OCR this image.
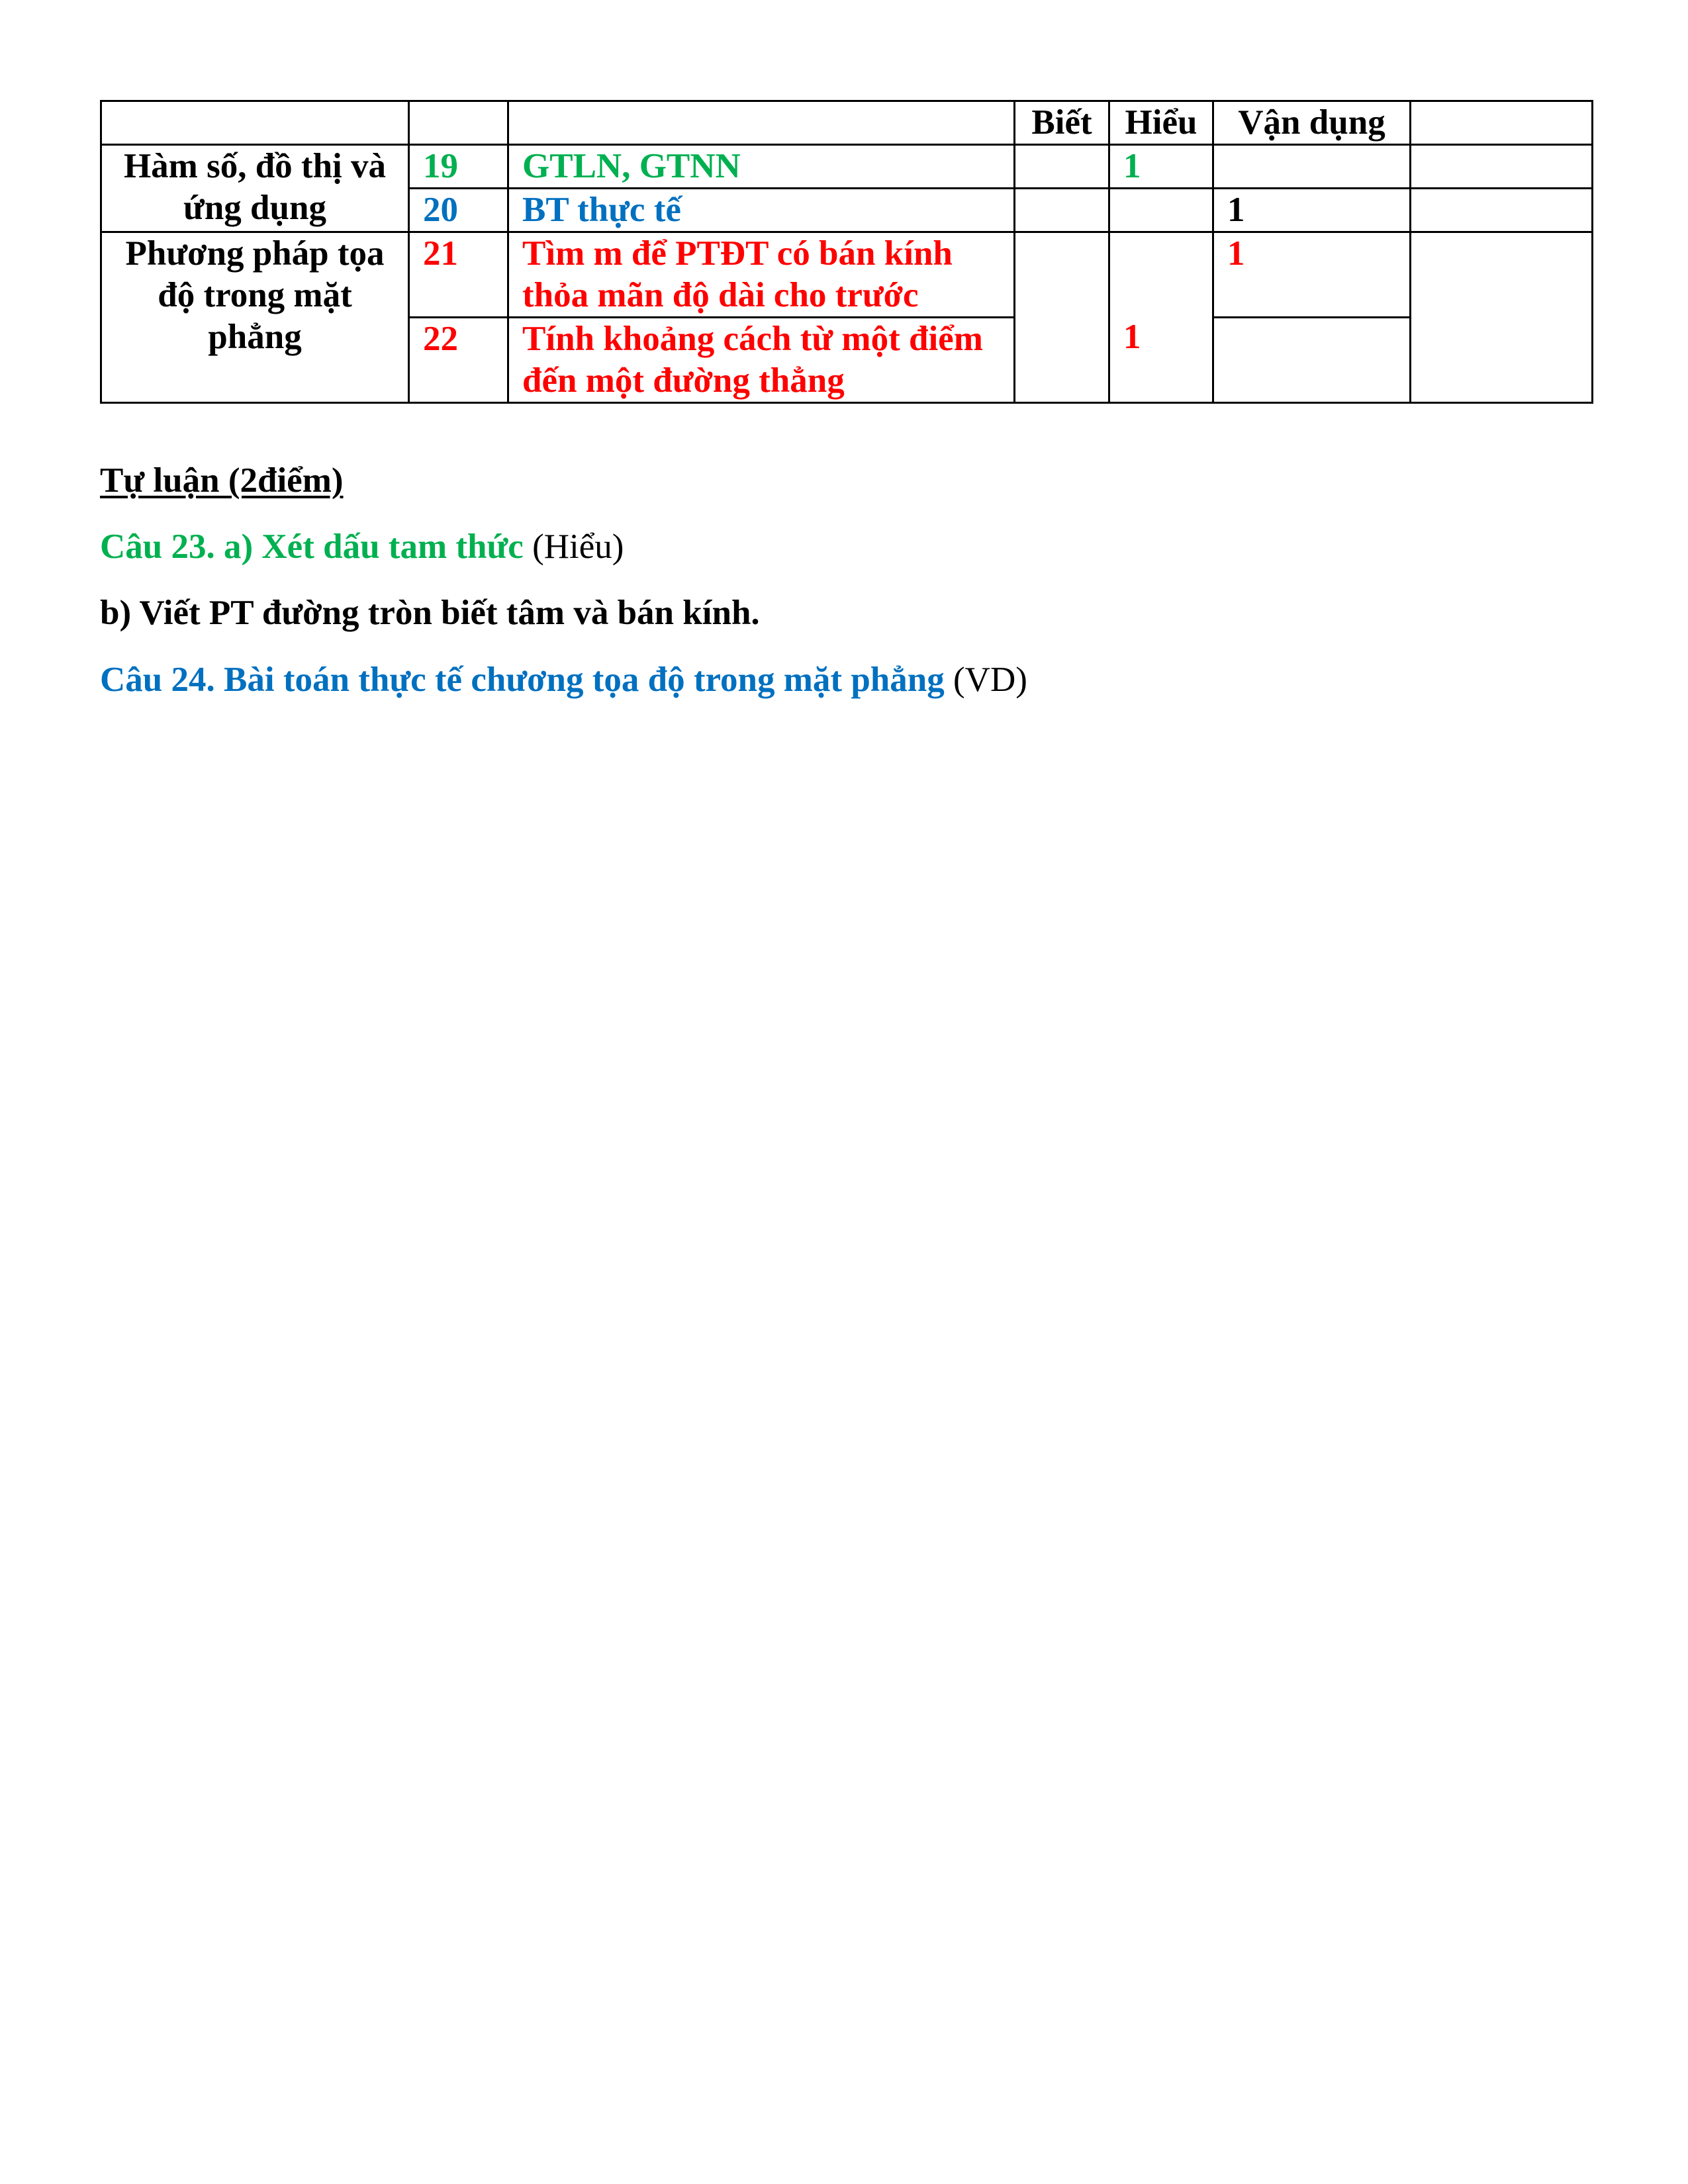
			Biết	Hiểu	Vận dụng	
Hàm số, đồ thị và ứng dụng	19	GTLN, GTNN		1		
	20	BT thực tế			1	
Phương pháp tọa độ trong mặt phẳng	21	Tìm m để PTĐT có bán kính thỏa mãn độ dài cho trước		1	1	
	22	Tính khoảng cách từ một điểm đến một đường thẳng				
Tự luận (2điểm)
Câu 23. a) Xét dấu tam thức (Hiểu)
b) Viết PT đường tròn biết tâm và bán kính.
Câu 24. Bài toán thực tế chương tọa độ trong mặt phẳng (VD)
